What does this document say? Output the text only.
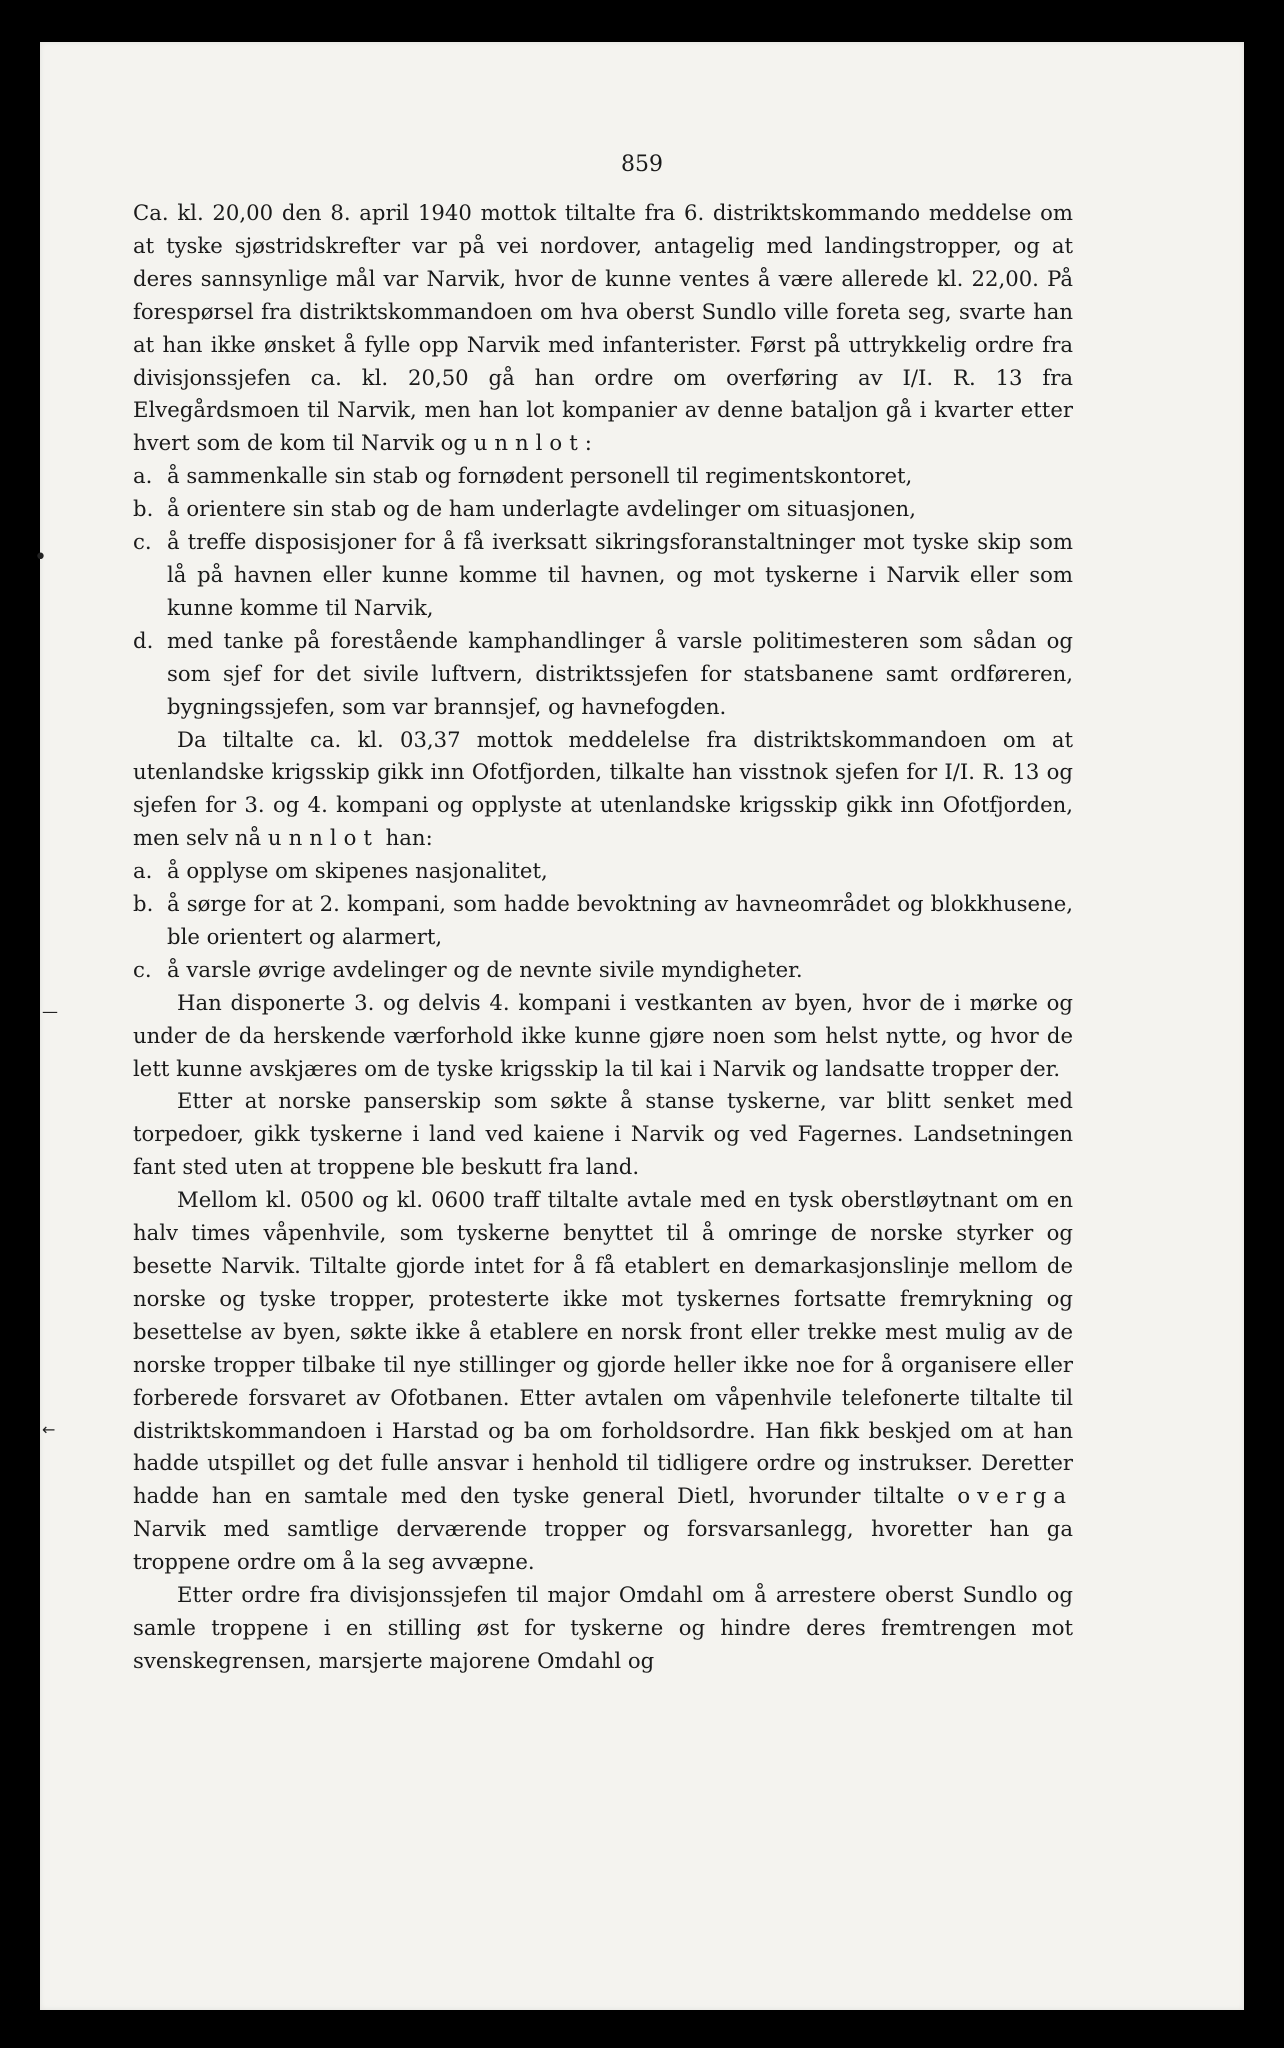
859
•
—
←

Ca. kl. 20,00 den 8. april 1940 mottok tiltalte fra 6. distriktskommando meddelse om at tyske sjøstridskrefter var på vei nordover, antagelig med landingstropper, og at deres sannsynlige mål var Narvik, hvor de kunne ventes å være allerede kl. 22,00. På forespørsel fra distriktskommandoen om hva oberst Sundlo ville foreta seg, svarte han at han ikke ønsket å fylle opp Narvik med infanterister. Først på uttrykkelig ordre fra divisjonssjefen ca. kl. 20,50 gå han ordre om overføring av I/I. R. 13 fra Elvegårdsmoen til Narvik, men han lot kompanier av denne bataljon gå i kvarter etter hvert som de kom til Narvik og unnlot:

a. å sammenkalle sin stab og fornødent personell til regimentskontoret,
b. å orientere sin stab og de ham underlagte avdelinger om situasjonen,
c. å treffe disposisjoner for å få iverksatt sikringsforanstaltninger mot tyske skip som lå på havnen eller kunne komme til havnen, og mot tyskerne i Narvik eller som kunne komme til Narvik,
d. med tanke på forestående kamphandlinger å varsle politimesteren som sådan og som sjef for det sivile luftvern, distriktssjefen for statsbanene samt ordføreren, bygningssjefen, som var brannsjef, og havnefogden.

Da tiltalte ca. kl. 03,37 mottok meddelelse fra distriktskommandoen om at utenlandske krigsskip gikk inn Ofotfjorden, tilkalte han visstnok sjefen for I/I. R. 13 og sjefen for 3. og 4. kompani og opplyste at utenlandske krigsskip gikk inn Ofotfjorden, men selv nå unnlot han:

a. å opplyse om skipenes nasjonalitet,
b. å sørge for at 2. kompani, som hadde bevoktning av havneområdet og blokkhusene, ble orientert og alarmert,
c. å varsle øvrige avdelinger og de nevnte sivile myndigheter.

Han disponerte 3. og delvis 4. kompani i vestkanten av byen, hvor de i mørke og under de da herskende værforhold ikke kunne gjøre noen som helst nytte, og hvor de lett kunne avskjæres om de tyske krigsskip la til kai i Narvik og landsatte tropper der.

Etter at norske panserskip som søkte å stanse tyskerne, var blitt senket med torpedoer, gikk tyskerne i land ved kaiene i Narvik og ved Fagernes. Landsetningen fant sted uten at troppene ble beskutt fra land.

Mellom kl. 0500 og kl. 0600 traff tiltalte avtale med en tysk oberstløytnant om en halv times våpenhvile, som tyskerne benyttet til å omringe de norske styrker og besette Narvik. Tiltalte gjorde intet for å få etablert en demarkasjonslinje mellom de norske og tyske tropper, protesterte ikke mot tyskernes fortsatte fremrykning og besettelse av byen, søkte ikke å etablere en norsk front eller trekke mest mulig av de norske tropper tilbake til nye stillinger og gjorde heller ikke noe for å organisere eller forberede forsvaret av Ofotbanen. Etter avtalen om våpenhvile telefonerte tiltalte til distriktskommandoen i Harstad og ba om forholdsordre. Han fikk beskjed om at han hadde utspillet og det fulle ansvar i henhold til tidligere ordre og instrukser. Deretter hadde han en samtale med den tyske general Dietl, hvorunder tiltalte overga Narvik med samtlige derværende tropper og forsvarsanlegg, hvoretter han ga troppene ordre om å la seg avvæpne.

Etter ordre fra divisjonssjefen til major Omdahl om å arrestere oberst Sundlo og samle troppene i en stilling øst for tyskerne og hindre deres fremtrengen mot svenskegrensen, marsjerte majorene Omdahl og
